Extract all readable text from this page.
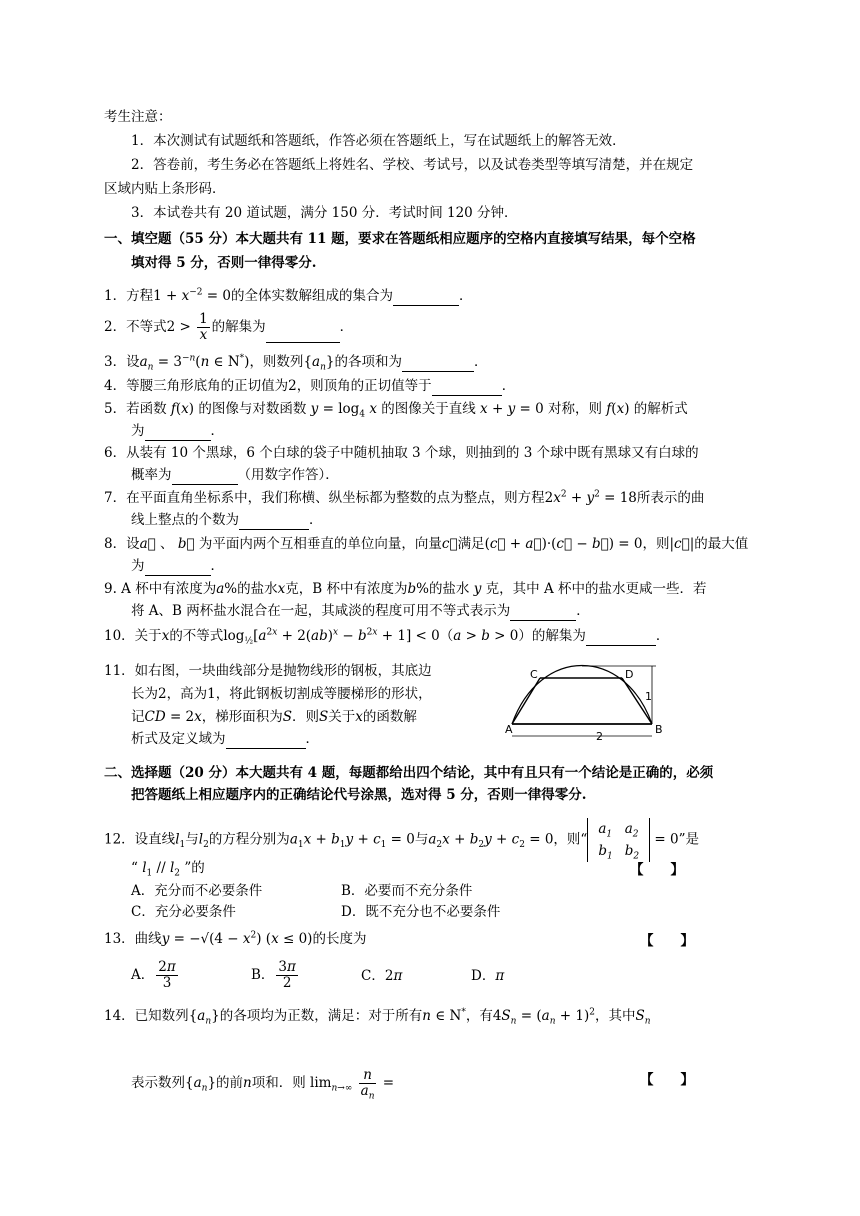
考生注意：
1．本次测试有试题纸和答题纸，作答必须在答题纸上，写在试题纸上的解答无效．
2．答卷前，考生务必在答题纸上将姓名、学校、考试号，以及试卷类型等填写清楚，并在规定
区域内贴上条形码．
3．本试卷共有 20 道试题，满分 150 分．考试时间 120 分钟．
一、填空题（55 分）本大题共有 11 题，要求在答题纸相应题序的空格内直接填写结果，每个空格
填对得 5 分，否则一律得零分.
1．方程$1 + x^{-2} = 0$的全体实数解组成的集合为	．
2．不等式$2 > \frac{1}{x}$ 的解集为	．
3．设$a_n = 3^{-n}(n$ ∈ N*)，则数列$\{a_n\}$的各项和为	．
4．等腰三角形底角的正切值为2，则顶角的正切值等于	．
5．若函数 f(x) 的图像与对数函数 $y = \log_4 x$ 的图像关于直线 x + y = 0 对称，则 f(x) 的解析式
为	．
6．从装有 10 个黑球，6 个白球的袋子中随机抽取 3 个球，则抽到的 3 个球中既有黑球又有白球的
概率为	（用数字作答）．
7．在平面直角坐标系中，我们称横、纵坐标都为整数的点为整点，则方程$2x^2 + y^2 = 18$所表示的曲
线上整点的个数为	．
8．设a⃗ 、 b⃗ 为平面内两个互相垂直的单位向量，向量c⃗满足(c⃗ + a⃗)·(c⃗ − b⃗) = 0，则|c⃗|的最大值
为	．
9. A 杯中有浓度为a%的盐水x克，B 杯中有浓度为b%的盐水 y 克，其中 A 杯中的盐水更咸一些．若
将 A、B 两杯盐水混合在一起，其咸淡的程度可用不等式表示为	．
10．关于x的不等式$\log_{\frac{1}{2}}[a^{2x} + 2(ab)^x - b^{2x} + 1] < 0(a > b > 0)$的解集为	．
11．如右图，一块曲线部分是抛物线形的钢板，其底边
长为2，高为1，将此钢板切割成等腰梯形的形状，
记CD = 2x，梯形面积为S．则S关于x的函数解
析式及定义域为	．
A	B
C	D
1
2
二、选择题（20 分）本大题共有 4 题，每题都给出四个结论，其中有且只有一个结论是正确的，必须
把答题纸上相应题序内的正确结论代号涂黑，选对得 5 分，否则一律得零分.
12．设直线$l_1$与$l_2$的方程分别为$a_1x + b_1y + c_1 = 0$与$a_2x + b_2y + c_2 = 0$，则“$a_1$	$a_2$
$b_1$	$b_2 = 0$”是
“ $l_1 // l_2$ ”的	【　　】
A．充分而不必要条件	B．必要而不充分条件
C．充分必要条件	D．既不充分也不必要条件
13．曲线$y = -√(4 - x^2)$ (x ≤ 0)的长度为	【　　】
A． $\frac{2\pi}{3}$	B． $\frac{3\pi}{2}$	C．2π	D．π
14．已知数列$\{a_n\}$的各项均为正数，满足：对于所有n ∈ N*，有$4S_n = (a_n + 1)^2$，其中$S_n$
表示数列$\{a_n\}$的前n项和．则 $\lim_{n\to\infty} \frac{n}{a_n}$ =	【　　】
